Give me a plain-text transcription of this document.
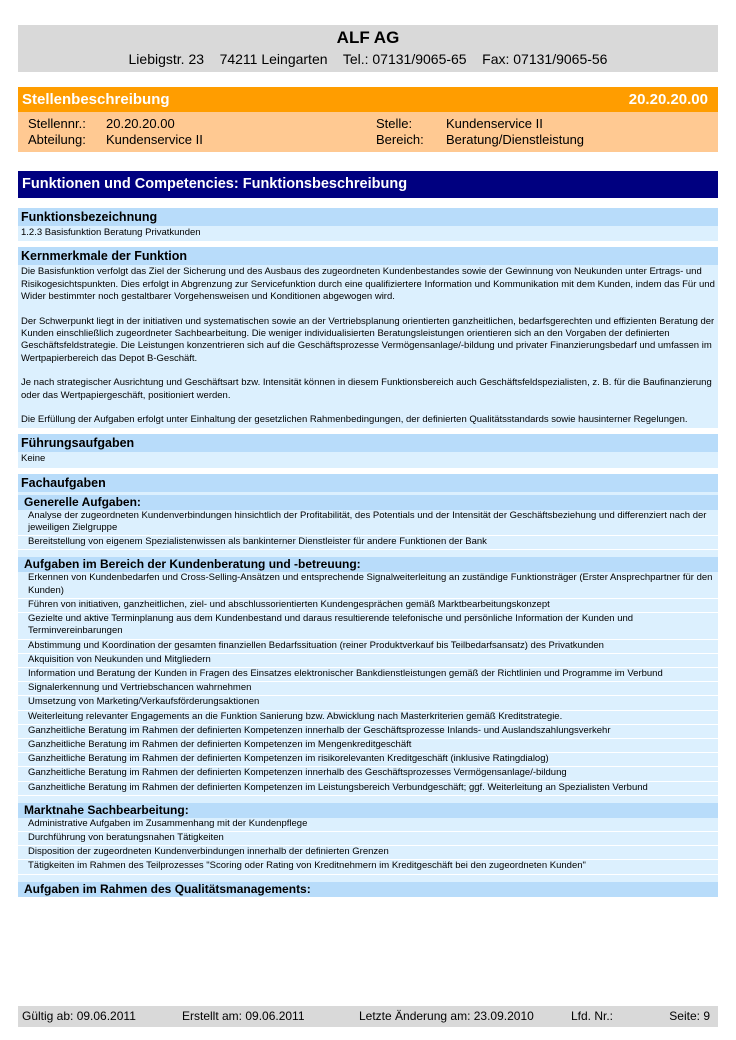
ALF AG
Liebigstr. 23    74211 Leingarten    Tel.: 07131/9065-65    Fax: 07131/9065-56
Stellenbeschreibung	20.20.20.00
Stellennr.:	20.20.20.00	Stelle:	Kundenservice II
Abteilung:	Kundenservice II	Bereich:	Beratung/Dienstleistung
Funktionen und Competencies: Funktionsbeschreibung
Funktionsbezeichnung
1.2.3 Basisfunktion Beratung Privatkunden
Kernmerkmale der Funktion

Die Basisfunktion verfolgt das Ziel der Sicherung und des Ausbaus des zugeordneten Kundenbestandes sowie der Gewinnung von Neukunden unter Ertrags- und Risikogesichtspunkten. Dies erfolgt in Abgrenzung zur Servicefunktion durch eine qualifiziertere Information und Kommunikation mit dem Kunden, indem das Für und Wider bestimmter noch gestaltbarer Vorgehensweisen und Konditionen abgewogen wird.

Der Schwerpunkt liegt in der initiativen und systematischen sowie an der Vertriebsplanung orientierten ganzheitlichen, bedarfsgerechten und effizienten Beratung der Kunden einschließlich zugeordneter Sachbearbeitung. Die weniger individualisierten Beratungsleistungen orientieren sich an den Vorgaben der definierten Geschäftsfeldstrategie. Die Leistungen konzentrieren sich auf die Geschäftsprozesse Vermögensanlage/-bildung und privater Finanzierungsbedarf und umfassen im Wertpapierbereich das Depot B-Geschäft.

Je nach strategischer Ausrichtung und Geschäftsart bzw. Intensität können in diesem Funktionsbereich auch Geschäftsfeldspezialisten, z. B. für die Baufinanzierung oder das Wertpapiergeschäft, positioniert werden.

Die Erfüllung der Aufgaben erfolgt unter Einhaltung der gesetzlichen Rahmenbedingungen, der definierten Qualitätsstandards sowie hausinterner Regelungen.

Führungsaufgaben
Keine
Fachaufgaben
Generelle Aufgaben:
Analyse der zugeordneten Kundenverbindungen hinsichtlich der Profitabilität, des Potentials und der Intensität der Geschäftsbeziehung und differenziert nach der jeweiligen Zielgruppe
Bereitstellung von eigenem Spezialistenwissen als bankinterner Dienstleister für andere Funktionen der Bank
Aufgaben im Bereich der Kundenberatung und -betreuung:
Erkennen von Kundenbedarfen und Cross-Selling-Ansätzen und entsprechende Signalweiterleitung an zuständige Funktionsträger (Erster Ansprechpartner für den Kunden)
Führen von initiativen, ganzheitlichen, ziel- und abschlussorientierten Kundengesprächen gemäß Marktbearbeitungskonzept
Gezielte und aktive Terminplanung aus dem Kundenbestand und daraus resultierende telefonische und persönliche Information der Kunden und Terminvereinbarungen
Abstimmung und Koordination der gesamten finanziellen Bedarfssituation (reiner Produktverkauf bis Teilbedarfsansatz) des Privatkunden
Akquisition von Neukunden und Mitgliedern
Information und Beratung der Kunden in Fragen des Einsatzes elektronischer Bankdienstleistungen gemäß der Richtlinien und Programme im Verbund
Signalerkennung und Vertriebschancen wahrnehmen
Umsetzung von Marketing/Verkaufsförderungsaktionen
Weiterleitung relevanter Engagements an die Funktion Sanierung bzw. Abwicklung nach Masterkriterien gemäß Kreditstrategie.
Ganzheitliche Beratung im Rahmen der definierten Kompetenzen innerhalb der Geschäftsprozesse Inlands- und Auslandszahlungsverkehr
Ganzheitliche Beratung im Rahmen der definierten Kompetenzen im Mengenkreditgeschäft
Ganzheitliche Beratung im Rahmen der definierten Kompetenzen im risikorelevanten Kreditgeschäft (inklusive Ratingdialog)
Ganzheitliche Beratung im Rahmen der definierten Kompetenzen innerhalb des Geschäftsprozesses Vermögensanlage/-bildung
Ganzheitliche Beratung im Rahmen der definierten Kompetenzen im Leistungsbereich Verbundgeschäft; ggf. Weiterleitung an Spezialisten Verbund
Marktnahe Sachbearbeitung:
Administrative Aufgaben im Zusammenhang mit der Kundenpflege
Durchführung von beratungsnahen Tätigkeiten
Disposition der zugeordneten Kundenverbindungen innerhalb der definierten Grenzen
Tätigkeiten im Rahmen des Teilprozesses "Scoring oder Rating von Kreditnehmern im Kreditgeschäft bei den zugeordneten Kunden"
Aufgaben im Rahmen des Qualitätsmanagements:
Gültig ab: 09.06.2011	Erstellt am: 09.06.2011	Letzte Änderung am: 23.09.2010	Lfd. Nr.:	Seite: 9
